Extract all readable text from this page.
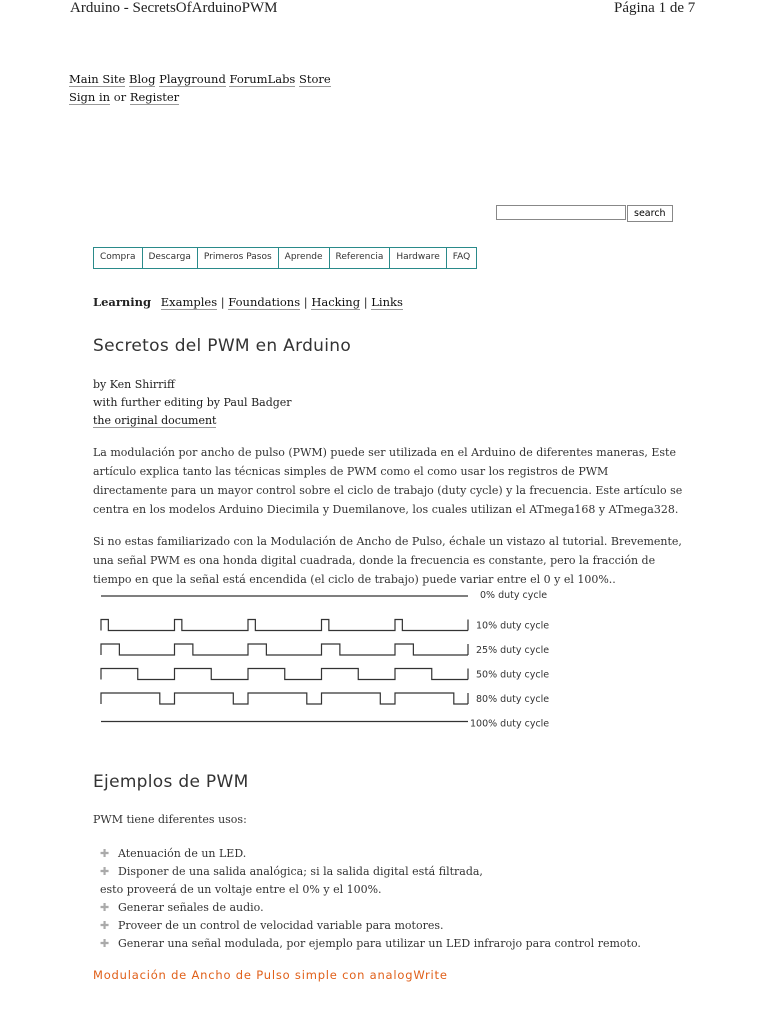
Arduino - SecretsOfArduinoPWM	Página 1 de 7
Main Site Blog Playground ForumLabs Store
Sign in or Register
search
Compra	Descarga	Primeros Pasos	Aprende	Referencia	Hardware	FAQ
Learning Examples | Foundations | Hacking | Links
Secretos del PWM en Arduino
by Ken Shirriff
with further editing by Paul Badger
the original document
La modulación por ancho de pulso (PWM) puede ser utilizada en el Arduino de diferentes maneras, Este artículo explica tanto las técnicas simples de PWM como el como usar los registros de PWM directamente para un mayor control sobre el ciclo de trabajo (duty cycle) y la frecuencia. Este artículo se centra en los modelos Arduino Diecimila y Duemilanove, los cuales utilizan el ATmega168 y ATmega328.
Si no estas familiarizado con la Modulación de Ancho de Pulso, échale un vistazo al tutorial. Brevemente, una señal PWM es ona honda digital cuadrada, donde la frecuencia es constante, pero la fracción de tiempo en que la señal está encendida (el ciclo de trabajo) puede variar entre el 0 y el 100%..
0% duty cycle
10% duty cycle
25% duty cycle
50% duty cycle
80% duty cycle
100% duty cycle
Ejemplos de PWM
PWM tiene diferentes usos:
✚ Atenuación de un LED.
✚ Disponer de una salida analógica; si la salida digital está filtrada,
esto proveerá de un voltaje entre el 0% y el 100%.
✚ Generar señales de audio.
✚ Proveer de un control de velocidad variable para motores.
✚ Generar una señal modulada, por ejemplo para utilizar un LED infrarojo para control remoto.
Modulación de Ancho de Pulso simple con analogWrite
